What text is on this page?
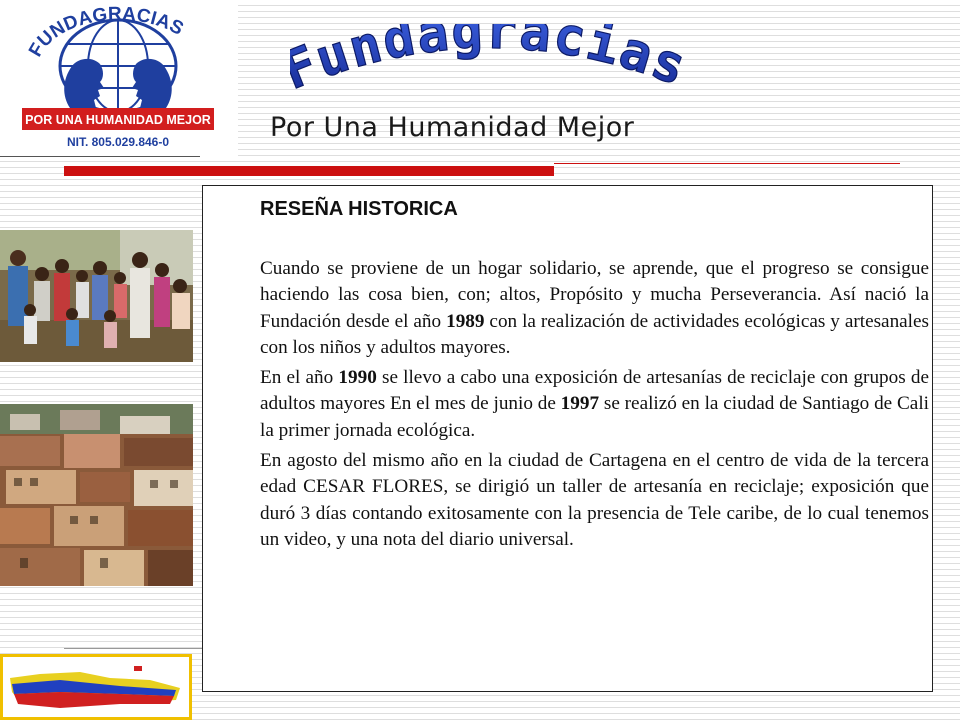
FUNDAGRACIAS
POR UNA HUMANIDAD MEJOR
NIT. 805.029.846-0
undagracias
Por Una Humanidad Mejor
RESEÑA HISTORICA

Cuando se proviene de un hogar solidario, se aprende, que el progreso se consigue haciendo las cosa bien, con; altos, Propósito y mucha Perseverancia. Así nació la Fundación desde el año 1989 con la realización de actividades ecológicas y artesanales con los niños y adultos mayores.

En el año 1990 se llevo a cabo una exposición de artesanías de reciclaje con grupos de adultos mayores En el mes de junio de 1997 se realizó en la ciudad de Santiago de Cali la primer jornada ecológica.

En agosto del mismo año en la ciudad de Cartagena en el centro de vida de la tercera edad CESAR FLORES, se dirigió un taller de artesanía en reciclaje; exposición que duró 3 días contando exitosamente con la presencia de Tele caribe, de lo cual tenemos un video, y una nota del diario universal.
